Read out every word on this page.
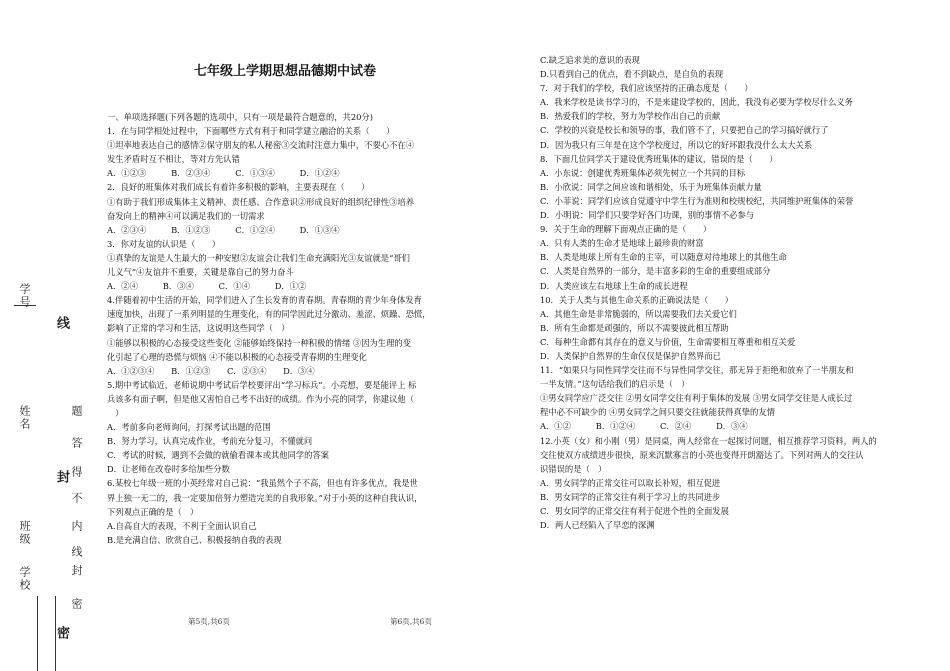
学号
线
姓名	题
答
封 得
不
班级	内
线 封
学校
密
密
七年级上学期思想品德期中试卷

一、单项选择题(下列各题的选项中，只有一项是最符合题意的，共20分)

1．在与同学相处过程中，下面哪些方式有利于和同学建立融洽的关系（　　）

①坦率地表达自己的感情②保守朋友的私人秘密③交流时注意力集中，不要心不在④

发生矛盾时互不相让，等对方先认错

A．①②③　　　B．②③④　　　C．①③④　　　D．①②④

2．良好的班集体对我们成长有着许多积极的影响，主要表现在（　　）

①有助于我们形成集体主义精神、责任感、合作意识②形成良好的组织纪律性③培养

奋发向上的精神④可以满足我们的一切需求

A．②③④　　　B．①②③　　　C．①②④　　　D．①③④

3．你对友谊的认识是（　　）

①真挚的友谊是人生最大的一种安慰②友谊会让我们生命充满阳光③友谊就是“哥们

儿义气”④友谊并不重要，关键是靠自己的努力奋斗

A．②④　　　B．③④　　　C．①④　　　D．①②

4.伴随着初中生活的开始，同学们进入了生长发育的青春期。青春期的青少年身体发育

速度加快，出现了一系列明显的生理变化，有的同学因此过分激动、羞涩、烦躁、恐慌，

影响了正常的学习和生活，这说明这些同学（　）

①能够以积极的心态接受这些变化 ②能够始终保持一种积极的情绪 ③因为生理的变

化引起了心理的恐慌与烦恼 ④不能以积极的心态接受青春期的生理变化

A．①②③④　　B．①②③　　C．②③④　　D．③④

5.期中考试临近，老师说期中考试后学校要评出“学习标兵”。小亮想，要是能评上 标

兵该多有面子啊，但是他又害怕自己考不出好的成绩。作为小亮的同学，你建议他（

　）

A．考前多向老师询问，打探考试出题的范围

B．努力学习，认真完成作业，考前充分复习，不懂就问

C．考试的时候，遇到不会做的就偷看课本或其他同学的答案

D．让老师在改卷时多给加些分数

6.某校七年级一班的小英经常对自己说：“我虽然个子不高，但也有许多优点，我是世

界上独一无二的，我一定要加倍努力塑造完美的自我形象。”对于小英的这种自我认识，

下列观点正确的是（　）

A.自高自大的表现，不利于全面认识自己

B.是充满自信、欣赏自己、积极接纳自我的表现

C.缺乏追求美的意识的表现

D.只看到自己的优点，看不到缺点，是自负的表现

7．对于我们的学校，我们应该坚持的正确态度是（　　）

A．我来学校是读书学习的，不是来建设学校的，因此，我没有必要为学校尽什么义务

B．热爱我们的学校，努力为学校作出自己的贡献

C．学校的兴衰是校长和领导的事，我们管不了，只要把自己的学习搞好就行了

D．因为我只有三年是在这个学校度过，所以它的好坏跟我没什么太大关系

8．下面几位同学关于建设优秀班集体的建议，错误的是（　　）

A．小东说：创建优秀班集体必须先树立一个共同的目标

B．小欣说：同学之间应该和谐相处，乐于为班集体贡献力量

C．小菲说：同学们应该自觉遵守中学生行为准则和校规校纪，共同维护班集体的荣誉

D．小明说：同学们只要学好各门功课，别的事情不必参与

9．关于生命的理解下面观点正确的是（　　）

A．只有人类的生命才是地球上最珍贵的财富

B．人类是地球上所有生命的主宰，可以随意对待地球上的其他生命

C．人类是自然界的一部分，是丰富多彩的生命的重要组成部分

D．人类应该左右地球上生命的成长进程

10．关于人类与其他生命关系的正确说法是（　　）

A．其他生命是非常脆弱的，所以需要我们去关爱它们

B．所有生命都是顽强的，所以不需要彼此相互帮助

C．每种生命都有其存在的意义与价值，生命需要相互尊重和相互关爱

D．人类保护自然界的生命仅仅是保护自然界而已

11．“如果只与同性同学交往而不与异性同学交往，那无异于拒绝和放弃了一半朋友和

一半友情。”这句话给我们的启示是（　）

①男女同学应广泛交往 ②男女同学交往有利于集体的发展 ③男女同学交往是人成长过

程中必不可缺少的 ④男女同学之间只要交往就能获得真挚的友情

A．①②　　　B．①②④　　　C．②④　　　D．③④

12.小英（女）和小刚（男）是同桌，两人经常在一起探讨问题，相互推荐学习资料，两人的

交往使双方成绩进步很快，原来沉默寡言的小英也变得开朗豁达了。下列对两人的交往认

识错误的是（　）

A．男女同学的正常交往可以取长补短，相互促进

B．男女同学的正常交往有利于学习上的共同进步

C．男女同学的正常交往有利于促进个性的全面发展

D．两人已经陷入了早恋的深渊

第5页,共6页	第6页,共6页
